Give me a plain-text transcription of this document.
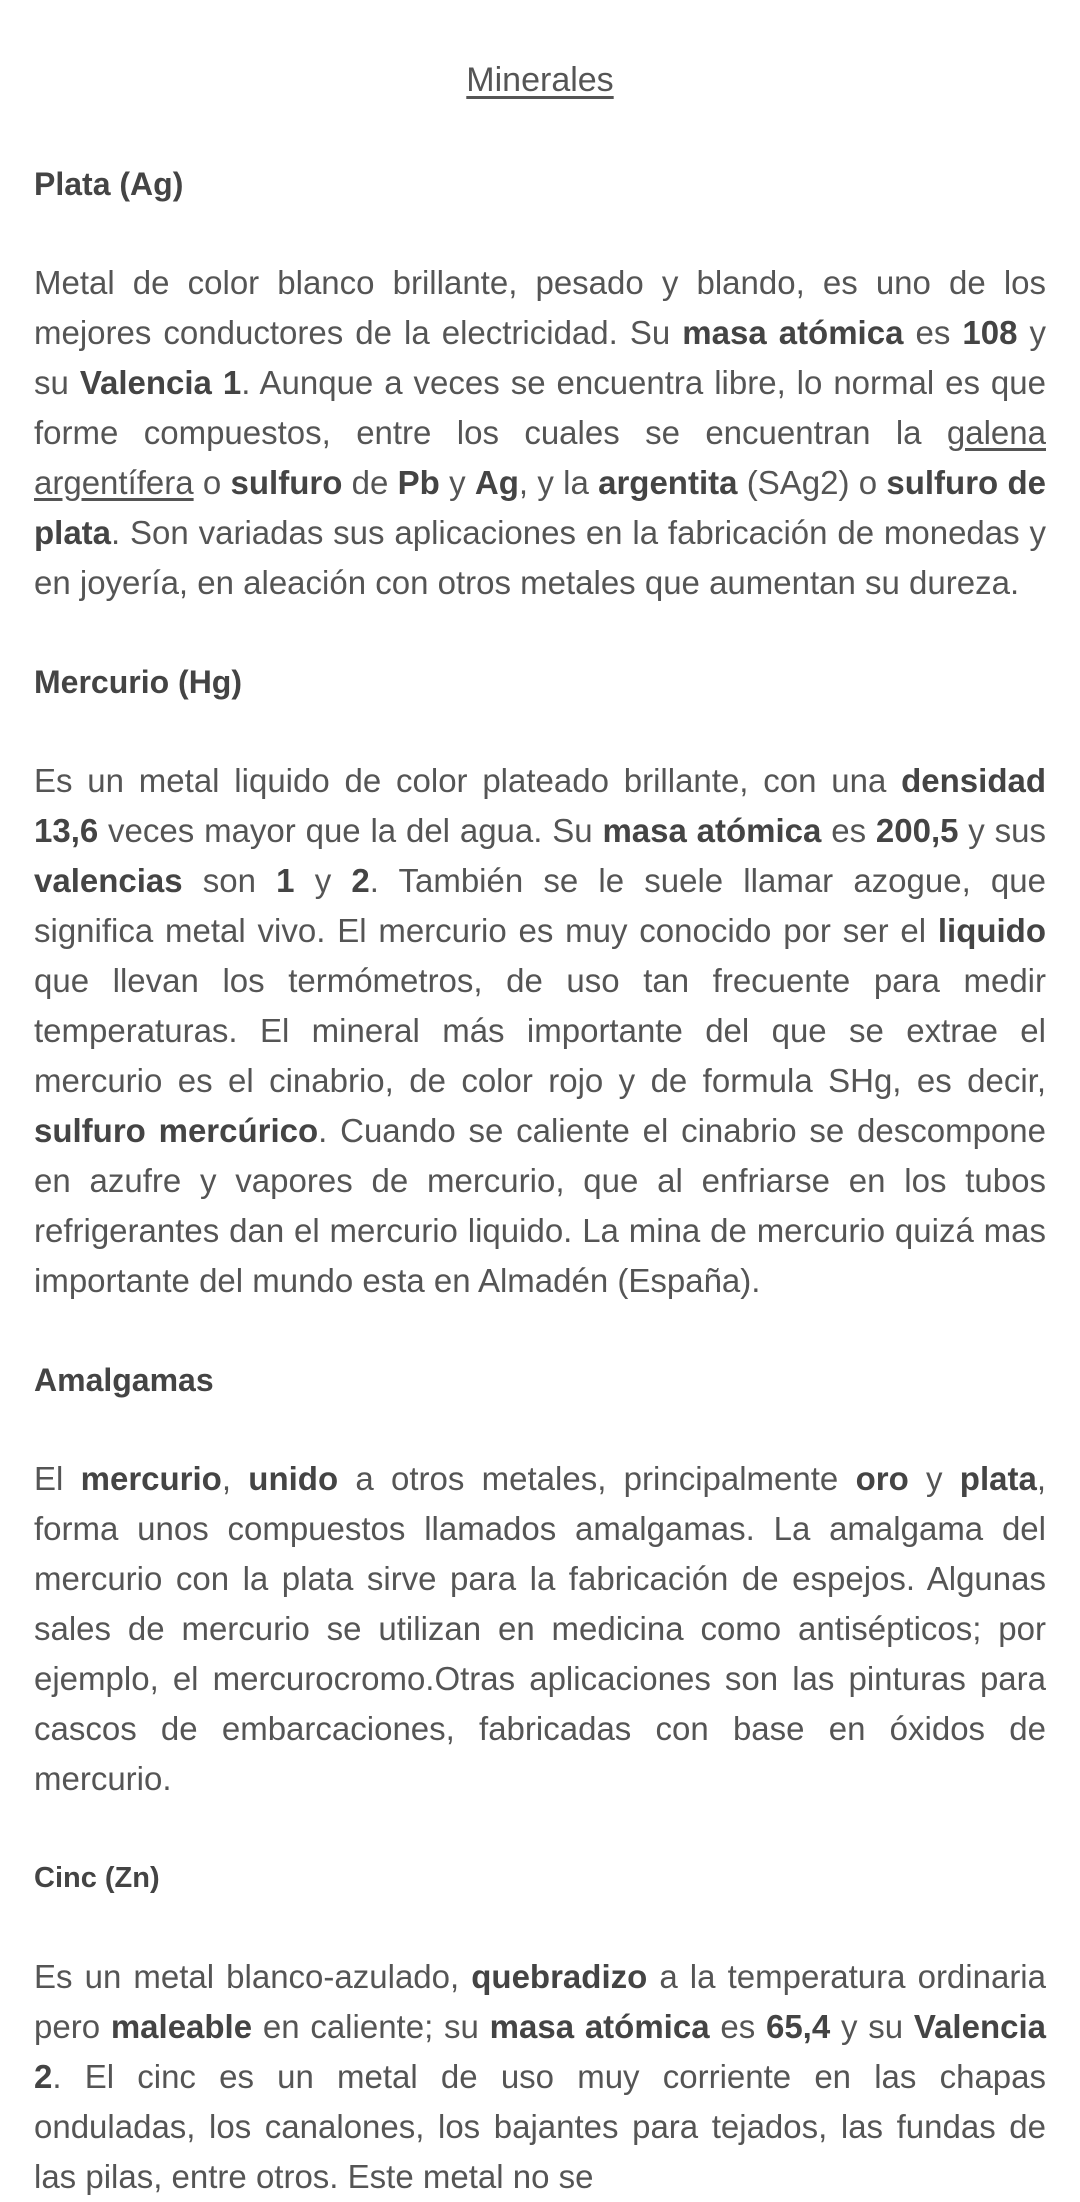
Minerales
Plata (Ag)

Metal de color blanco brillante, pesado y blando, es uno de los mejores conductores de la electricidad. Su masa atómica es 108 y su Valencia 1. Aunque a veces se encuentra libre, lo normal es que forme compuestos, entre los cuales se encuentran la galena argentífera o sulfuro de Pb y Ag, y la argentita (SAg2) o sulfuro de plata. Son variadas sus aplicaciones en la fabricación de monedas y en joyería, en aleación con otros metales que aumentan su dureza.

Mercurio (Hg)

Es un metal liquido de color plateado brillante, con una densidad 13,6 veces mayor que la del agua. Su masa atómica es 200,5 y sus valencias son 1 y 2. También se le suele llamar azogue, que significa metal vivo. El mercurio es muy conocido por ser el liquido que llevan los termómetros, de uso tan frecuente para medir temperaturas. El mineral más importante del que se extrae el mercurio es el cinabrio, de color rojo y de formula SHg, es decir, sulfuro mercúrico. Cuando se caliente el cinabrio se descompone en azufre y vapores de mercurio, que al enfriarse en los tubos refrigerantes dan el mercurio liquido. La mina de mercurio quizá mas importante del mundo esta en Almadén (España).

Amalgamas

El mercurio, unido a otros metales, principalmente oro y plata, forma unos compuestos llamados amalgamas. La amalgama del mercurio con la plata sirve para la fabricación de espejos. Algunas sales de mercurio se utilizan en medicina como antisépticos; por ejemplo, el mercurocromo.Otras aplicaciones son las pinturas para cascos de embarcaciones, fabricadas con base en óxidos de mercurio.

Cinc (Zn)

Es un metal blanco-azulado, quebradizo a la temperatura ordinaria pero maleable en caliente; su masa atómica es 65,4 y su Valencia 2. El cinc es un metal de uso muy corriente en las chapas onduladas, los canalones, los bajantes para tejados, las fundas de las pilas, entre otros. Este metal no se
